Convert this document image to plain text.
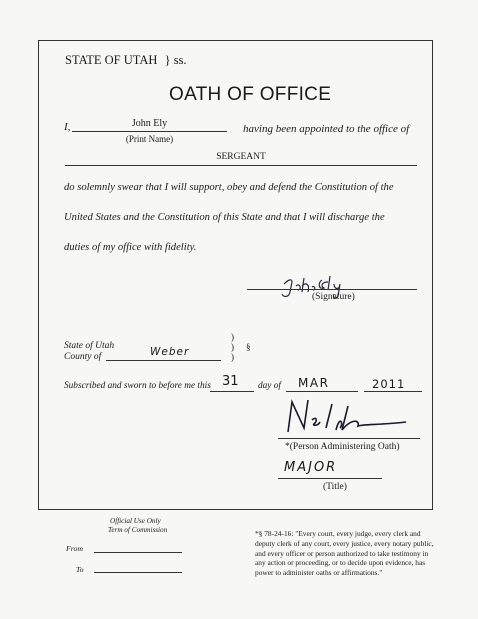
STATE OF UTAH } ss.
OATH OF OFFICE
I,	John Ely
(Print Name)
having been appointed to the office of
SERGEANT
do solemnly swear that I will support, obey and defend the Constitution of the
United States and the Constitution of this State and that I will discharge the
duties of my office with fidelity.
(Signature)
State of Utah
County of	Weber
)
)
)
§
Subscribed and sworn to before me this 31 day of MAR	2011
*(Person Administering Oath)
MAJOR
(Title)
Official Use Only
Term of Commission
From
To
*§ 78-24-16: "Every court, every judge, every clerk and
deputy clerk of any court, every justice, every notary public,
and every officer or person authorized to take testimony in
any action or proceeding, or to decide upon evidence, has
power to administer oaths or affirmations."
